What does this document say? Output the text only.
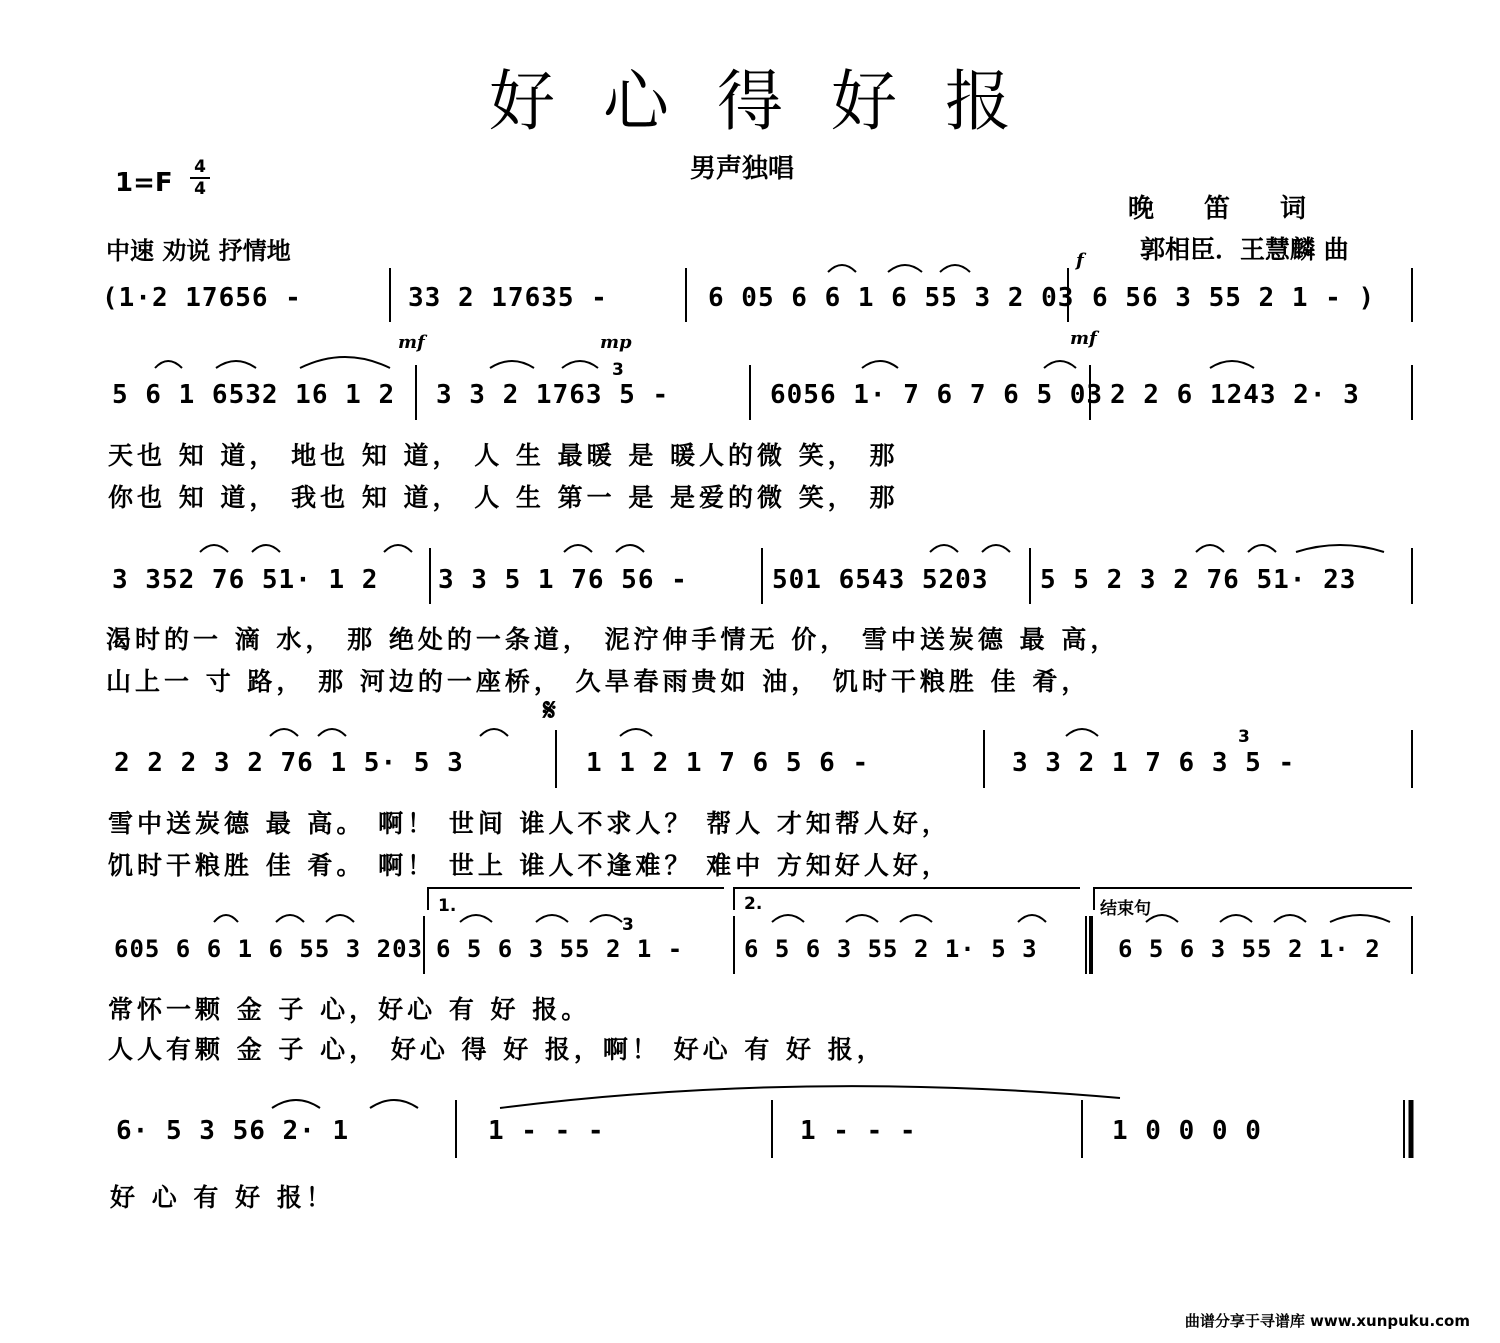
好心得好报
男声独唱
1=F
4
4
中速 劝说 抒情地
晚笛词
郭相臣．王慧麟 曲
mf	mp	mf
f
3
3
3
𝄋
1.	2.	结束句
(1·2 17656 -	33 2 17635 -	6 05 6 6 1 6 55 3 2 03 6 56 3 55 2 1 - )
5 6 1 6532 16 1 2 3 3 2 1763 5 -	6056 1· 7 6 7 6 5 03 2 2 6 1243 2· 3
天也 知 道， 地也 知 道， 人 生 最暖 是 暖人的微 笑， 那
你也 知 道， 我也 知 道， 人 生 第一 是 是爱的微 笑， 那
3 352 76 51· 1 2 3 3 5 1 76 56 -	501 6543 5203 5 5 2 3 2 76 51· 23
渴时的一 滴 水， 那 绝处的一条道， 泥泞伸手情无 价， 雪中送炭德 最 高，
山上一 寸 路， 那 河边的一座桥， 久旱春雨贵如 油， 饥时干粮胜 佳 肴，
2 2 2 3 2 76 1 5· 5 3	1 1 2 1 7 6 5 6 -	3 3 2 1 7 6 3 5 -
雪中送炭德 最 高。 啊！ 世间 谁人不求人？ 帮人 才知帮人好，
饥时干粮胜 佳 肴。 啊！ 世上 谁人不逢难？ 难中 方知好人好，
605 6 6 1 6 55 3 203 6 5 6 3 55 2 1 -	6 5 6 3 55 2 1· 5 3	6 5 6 3 55 2 1· 2
常怀一颗 金 子 心，好心 有 好 报。
人人有颗 金 子 心， 好心 得 好 报，啊！ 好心 有 好 报，
6· 5 3 56 2· 1	1 - - -	1 - - -	1 0 0 0 0
好 心 有 好 报！
曲谱分享于寻谱库 www.xunpuku.com
